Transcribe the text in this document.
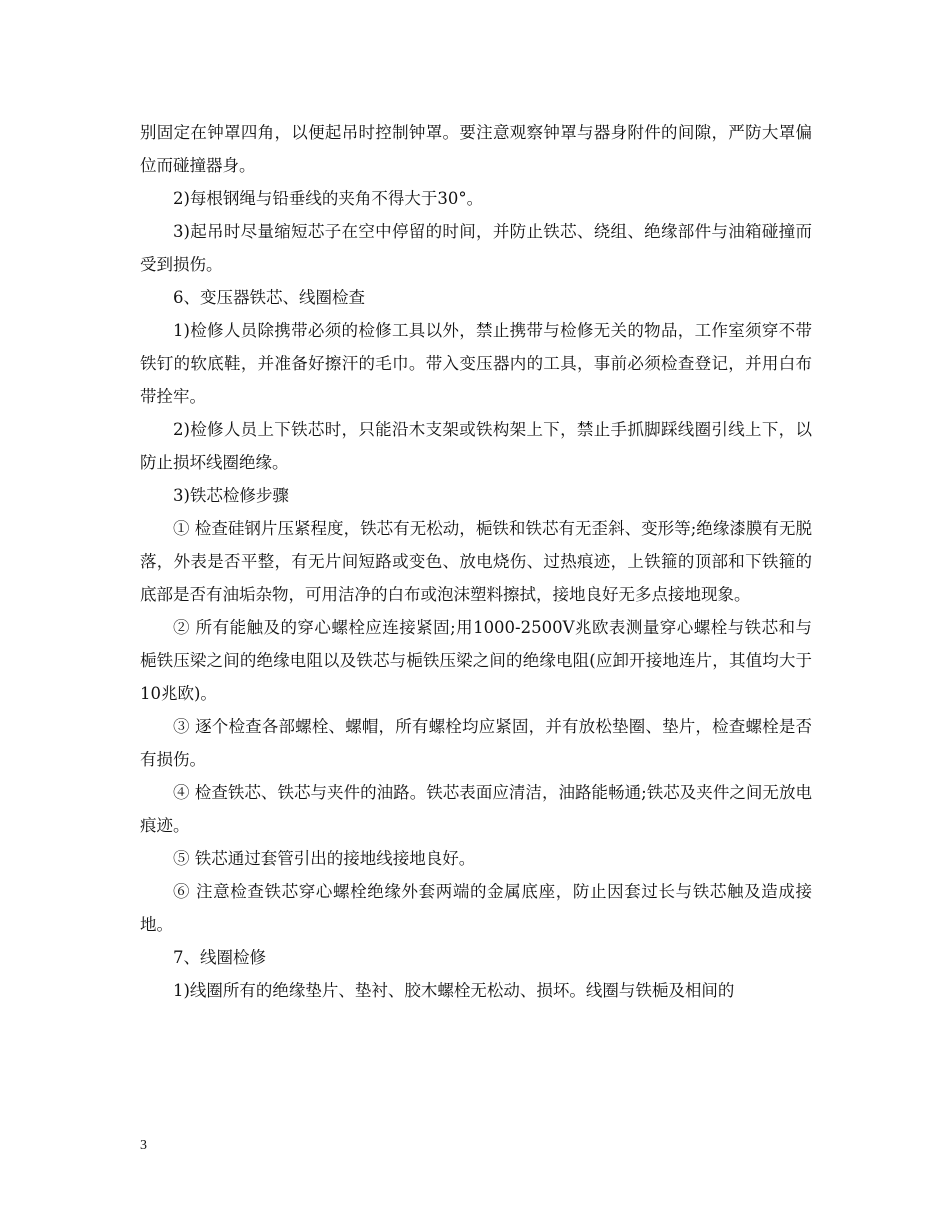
别固定在钟罩四角，以便起吊时控制钟罩。要注意观察钟罩与器身附件的间隙，严防大罩偏位而碰撞器身。

2)每根钢绳与铅垂线的夹角不得大于30°。

3)起吊时尽量缩短芯子在空中停留的时间，并防止铁芯、绕组、绝缘部件与油箱碰撞而受到损伤。

6、变压器铁芯、线圈检查

1)检修人员除携带必须的检修工具以外，禁止携带与检修无关的物品，工作室须穿不带铁钉的软底鞋，并准备好擦汗的毛巾。带入变压器内的工具，事前必须检查登记，并用白布带拴牢。

2)检修人员上下铁芯时，只能沿木支架或铁构架上下，禁止手抓脚踩线圈引线上下，以防止损坏线圈绝缘。

3)铁芯检修步骤

① 检查硅钢片压紧程度，铁芯有无松动，梔铁和铁芯有无歪斜、变形等;绝缘漆膜有无脱落，外表是否平整，有无片间短路或变色、放电烧伤、过热痕迹，上铁箍的顶部和下铁箍的底部是否有油垢杂物，可用洁净的白布或泡沫塑料擦拭，接地良好无多点接地现象。

② 所有能触及的穿心螺栓应连接紧固;用1000-2500V兆欧表测量穿心螺栓与铁芯和与梔铁压梁之间的绝缘电阻以及铁芯与梔铁压梁之间的绝缘电阻(应卸开接地连片，其值均大于10兆欧)。

③ 逐个检查各部螺栓、螺帽，所有螺栓均应紧固，并有放松垫圈、垫片，检查螺栓是否有损伤。

④ 检查铁芯、铁芯与夹件的油路。铁芯表面应清洁，油路能畅通;铁芯及夹件之间无放电痕迹。

⑤ 铁芯通过套管引出的接地线接地良好。

⑥ 注意检查铁芯穿心螺栓绝缘外套两端的金属底座，防止因套过长与铁芯触及造成接地。

7、线圈检修

1)线圈所有的绝缘垫片、垫衬、胶木螺栓无松动、损坏。线圈与铁梔及相间的

3
